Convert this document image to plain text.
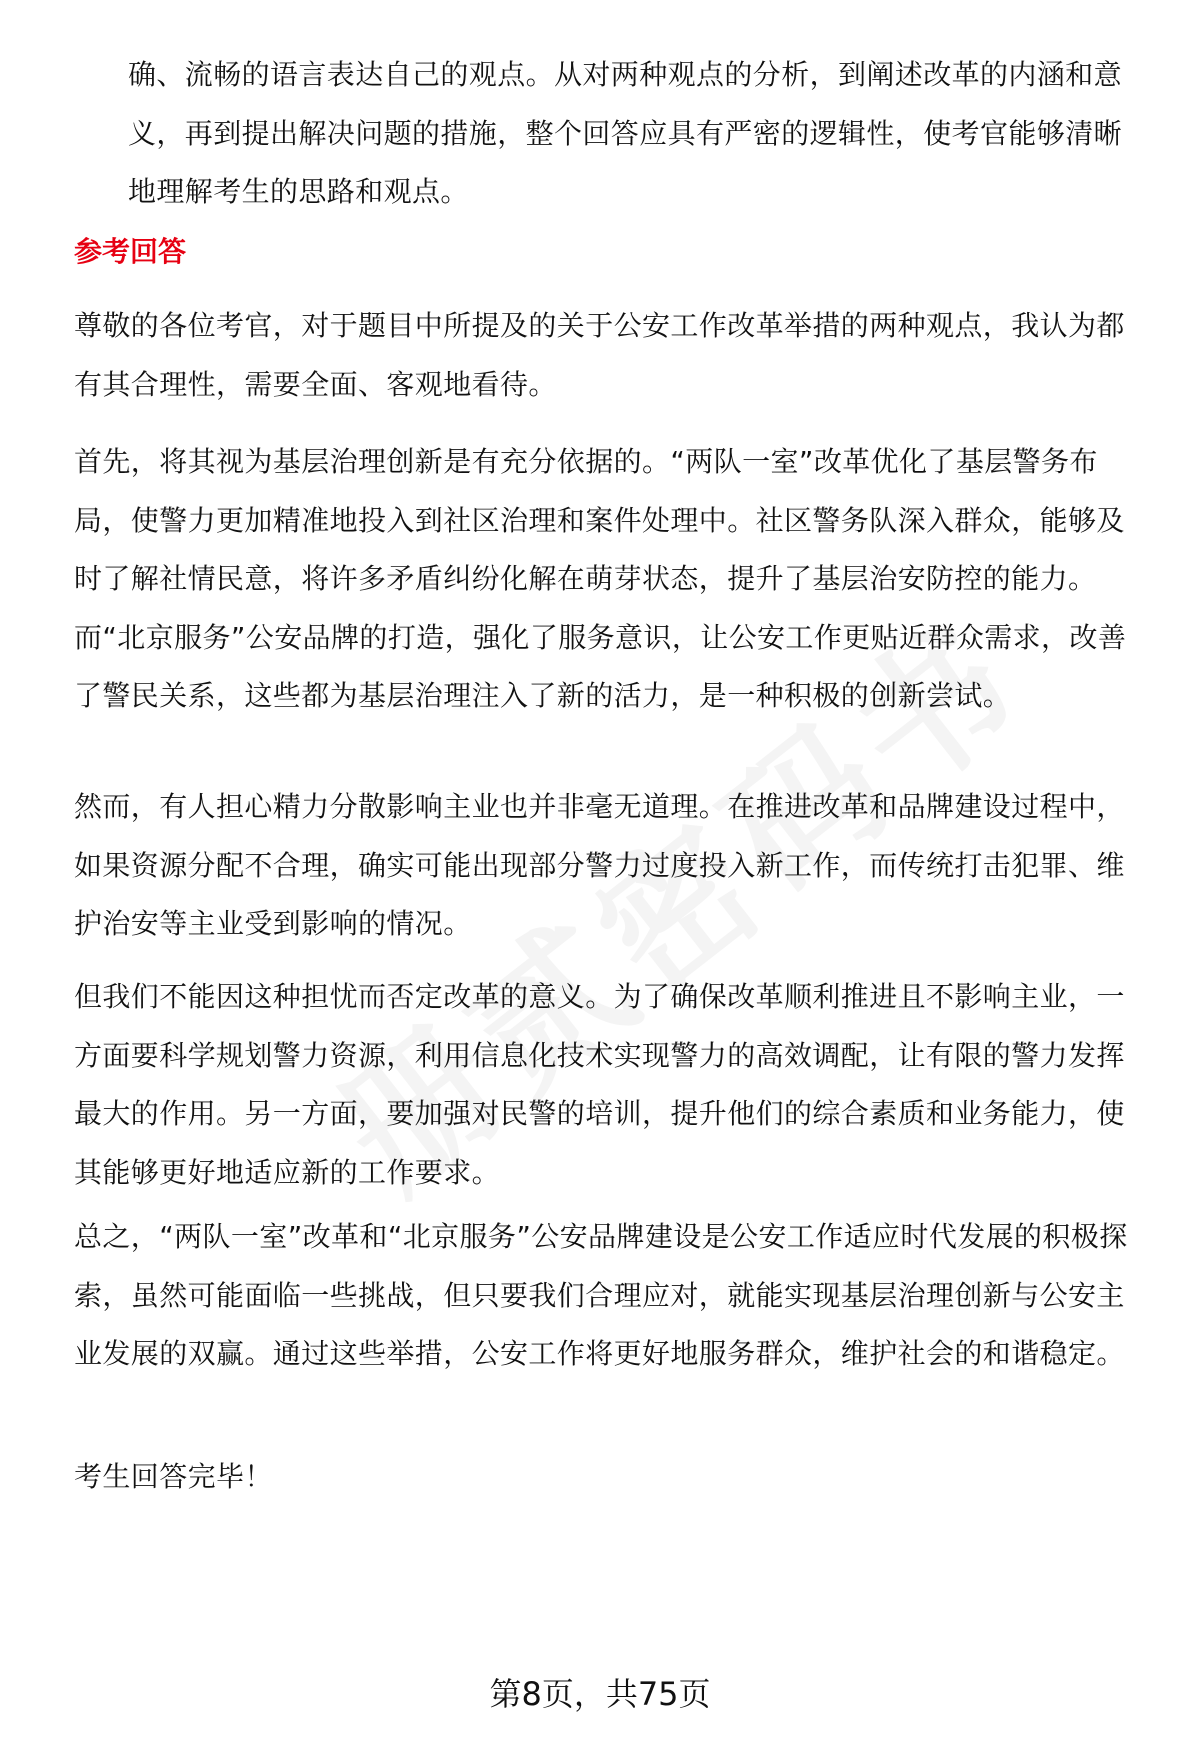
确、流畅的语言表达自己的观点。从对两种观点的分析，到阐述改革的内涵和意义，再到提出解决问题的措施，整个回答应具有严密的逻辑性，使考官能够清晰地理解考生的思路和观点。

参考回答

尊敬的各位考官，对于题目中所提及的关于公安工作改革举措的两种观点，我认为都有其合理性，需要全面、客观地看待。

首先，将其视为基层治理创新是有充分依据的。“两队一室”改革优化了基层警务布局，使警力更加精准地投入到社区治理和案件处理中。社区警务队深入群众，能够及时了解社情民意，将许多矛盾纠纷化解在萌芽状态，提升了基层治安防控的能力。而“北京服务”公安品牌的打造，强化了服务意识，让公安工作更贴近群众需求，改善了警民关系，这些都为基层治理注入了新的活力，是一种积极的创新尝试。

然而，有人担心精力分散影响主业也并非毫无道理。在推进改革和品牌建设过程中，如果资源分配不合理，确实可能出现部分警力过度投入新工作，而传统打击犯罪、维护治安等主业受到影响的情况。

但我们不能因这种担忧而否定改革的意义。为了确保改革顺利推进且不影响主业，一方面要科学规划警力资源，利用信息化技术实现警力的高效调配，让有限的警力发挥最大的作用。另一方面，要加强对民警的培训，提升他们的综合素质和业务能力，使其能够更好地适应新的工作要求。

总之，“两队一室”改革和“北京服务”公安品牌建设是公安工作适应时代发展的积极探索，虽然可能面临一些挑战，但只要我们合理应对，就能实现基层治理创新与公安主业发展的双赢。通过这些举措，公安工作将更好地服务群众，维护社会的和谐稳定。

考生回答完毕！

第8页，共75页
